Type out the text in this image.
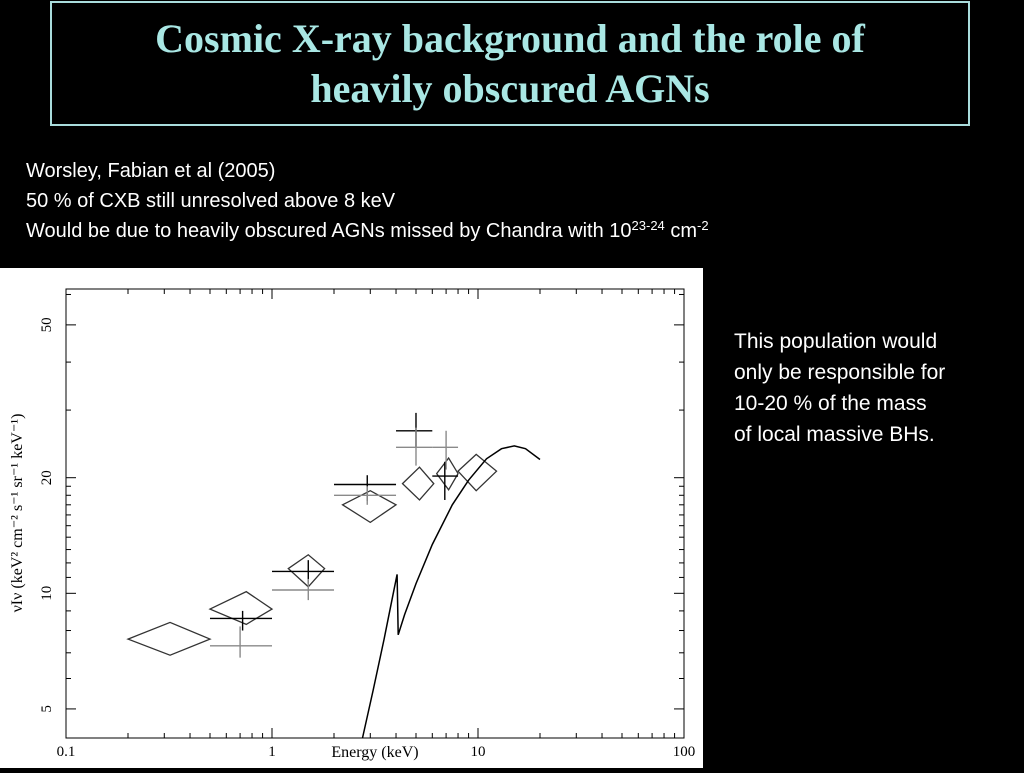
Cosmic X-ray background and the role of
heavily obscured AGNs
Worsley, Fabian et al (2005)
50 % of CXB still unresolved above 8 keV
Would be due to heavily obscured AGNs missed by Chandra with 10$^{23-24}$ $cm^{-2}$
0.1	1	10	100
5
10
20
50
Energy (keV)
νIν (keV² cm⁻² s⁻¹ sr⁻¹ keV⁻¹)
This population would
only be responsible for
10-20 % of the mass
of local massive BHs.
